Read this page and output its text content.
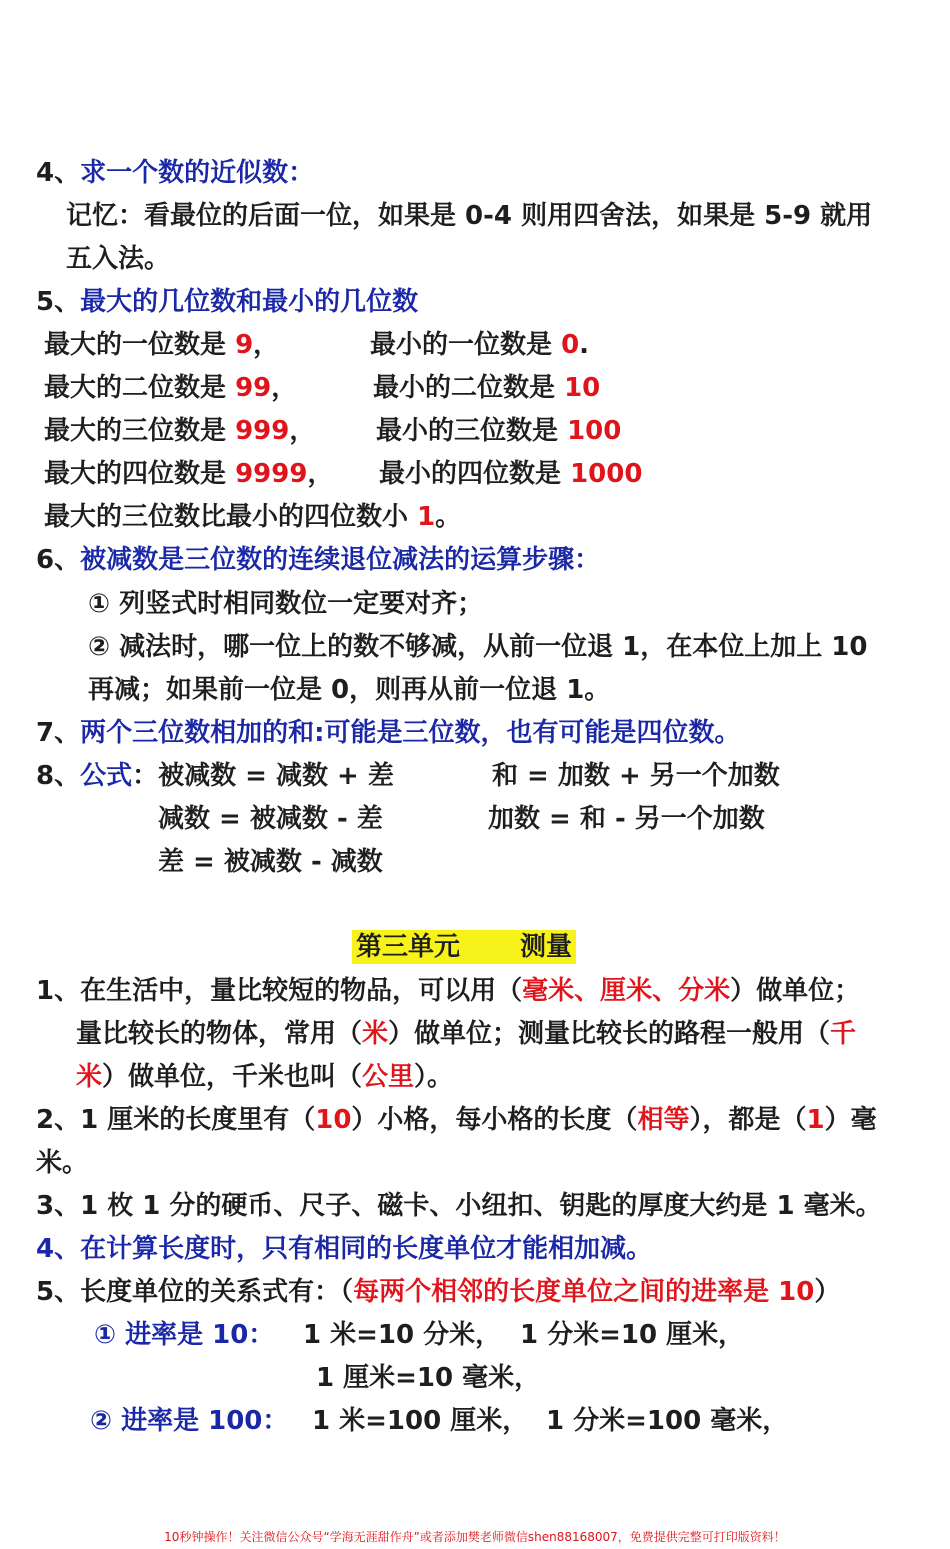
4、求一个数的近似数：
记忆：看最位的后面一位，如果是 0-4 则用四舍法，如果是 5-9 就用
五入法。
5、最大的几位数和最小的几位数
最大的一位数是 9，	最小的一位数是 0.
最大的二位数是 99，	最小的二位数是 10
最大的三位数是 999， 最小的三位数是 100
最大的四位数是 9999， 最小的四位数是 1000
最大的三位数比最小的四位数小 1。
6、被减数是三位数的连续退位减法的运算步骤：
① 列竖式时相同数位一定要对齐；
② 减法时，哪一位上的数不够减，从前一位退 1，在本位上加上 10
再减；如果前一位是 0，则再从前一位退 1。
7、两个三位数相加的和:可能是三位数，也有可能是四位数。
8、公式：被减数 = 减数 + 差	和 = 加数 + 另一个加数
减数 = 被减数 - 差	加数 = 和 - 另一个加数
差 = 被减数 - 减数
第三单元 测量
1、在生活中，量比较短的物品，可以用（毫米、厘米、分米）做单位；
量比较长的物体，常用（米）做单位；测量比较长的路程一般用（千
米）做单位，千米也叫（公里）。
2、1 厘米的长度里有（10）小格，每小格的长度（相等），都是（1）毫
米。
3、1 枚 1 分的硬币、尺子、磁卡、小纽扣、钥匙的厚度大约是 1 毫米。
4、在计算长度时，只有相同的长度单位才能相加减。
5、长度单位的关系式有：（每两个相邻的长度单位之间的进率是 10）
① 进率是 10： 1 米=10 分米， 1 分米=10 厘米，
1 厘米=10 毫米，
② 进率是 100： 1 米=100 厘米， 1 分米=100 毫米，
10秒钟操作！关注微信公众号“学海无涯甜作舟”或者添加樊老师微信shen88168007，免费提供完整可打印版资料！
